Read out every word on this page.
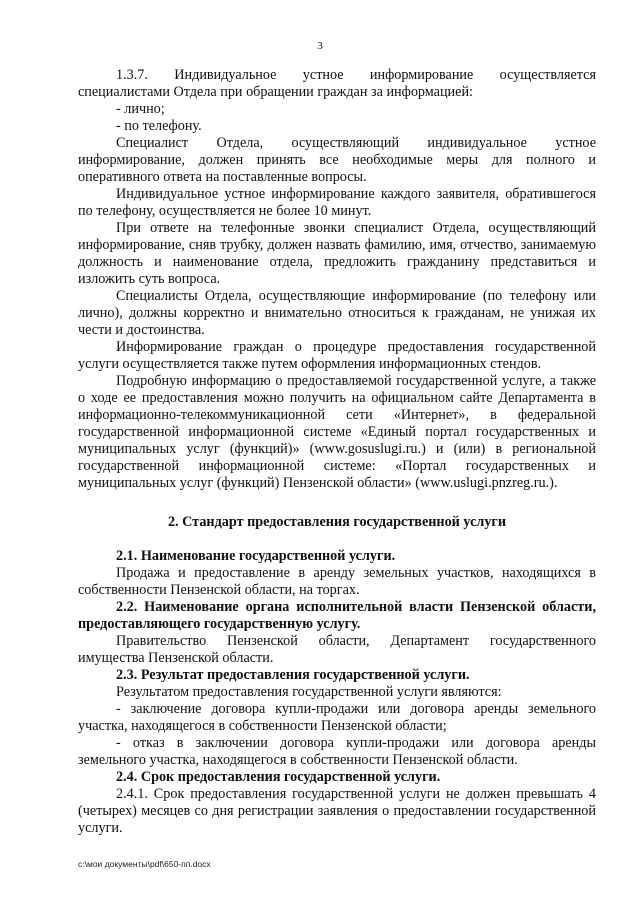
3

1.3.7. Индивидуальное устное информирование осуществляется специалистами Отдела при обращении граждан за информацией:

- лично;

- по телефону.

Специалист Отдела, осуществляющий индивидуальное устное информирование, должен принять все необходимые меры для полного и оперативного ответа на поставленные вопросы.

Индивидуальное устное информирование каждого заявителя, обратившегося по телефону, осуществляется не более 10 минут.

При ответе на телефонные звонки специалист Отдела, осуществляющий информирование, сняв трубку, должен назвать фамилию, имя, отчество, занимаемую должность и наименование отдела, предложить гражданину представиться и изложить суть вопроса.

Специалисты Отдела, осуществляющие информирование (по телефону или лично), должны корректно и внимательно относиться к гражданам, не унижая их чести и достоинства.

Информирование граждан о процедуре предоставления государственной услуги осуществляется также путем оформления информационных стендов.

Подробную информацию о предоставляемой государственной услуге, а также о ходе ее предоставления можно получить на официальном сайте Департамента в информационно-телекоммуникационной сети «Интернет», в федеральной государственной информационной системе «Единый портал государственных и муниципальных услуг (функций)» (www.gosuslugi.ru.) и (или) в региональной государственной информационной системе: «Портал государственных и муниципальных услуг (функций) Пензенской области» (www.uslugi.pnzreg.ru.).

2. Стандарт предоставления государственной услуги

2.1. Наименование государственной услуги.

Продажа и предоставление в аренду земельных участков, находящихся в собственности Пензенской области, на торгах.

2.2. Наименование органа исполнительной власти Пензенской области, предоставляющего государственную услугу.

Правительство Пензенской области, Департамент государственного имущества Пензенской области.

2.3. Результат предоставления государственной услуги.

Результатом предоставления государственной услуги являются:

- заключение договора купли-продажи или договора аренды земельного участка, находящегося в собственности Пензенской области;

- отказ в заключении договора купли-продажи или договора аренды земельного участка, находящегося в собственности Пензенской области.

2.4. Срок предоставления государственной услуги.

2.4.1. Срок предоставления государственной услуги не должен превышать 4 (четырех) месяцев со дня регистрации заявления о предоставлении государственной услуги.

c:\мои документы\pdf\650-пп.docx
